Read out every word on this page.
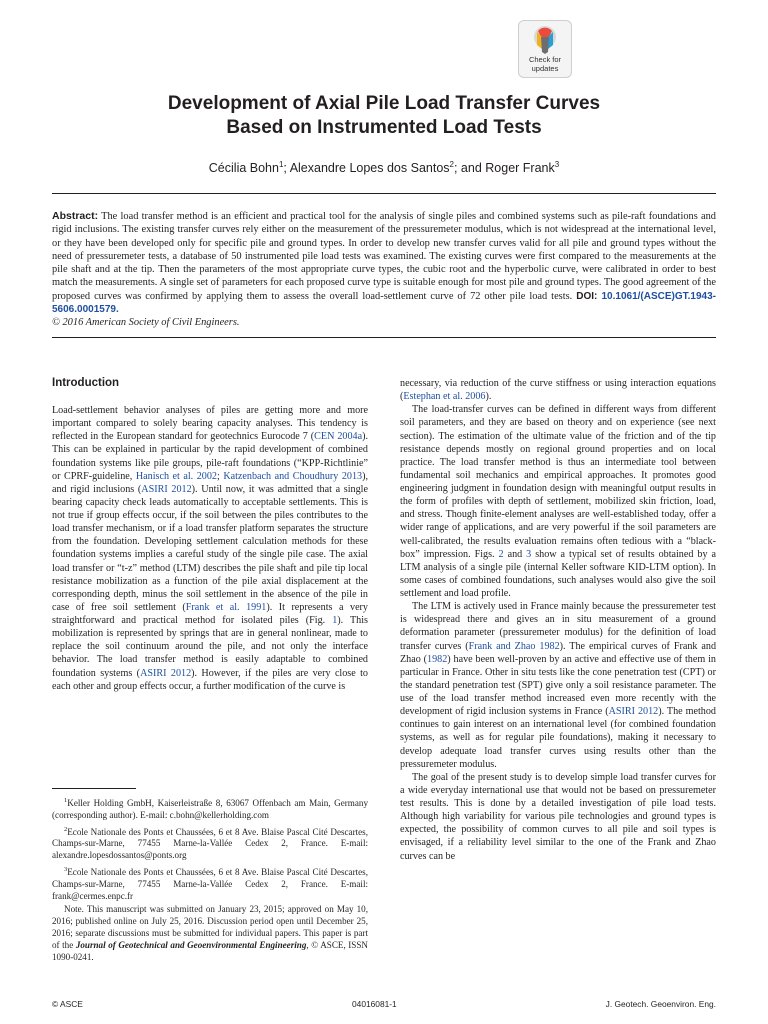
Check for
updates
Development of Axial Pile Load Transfer Curves
Based on Instrumented Load Tests
Cécilia Bohn$^1$; Alexandre Lopes dos Santos$^2$; and Roger Frank$^3$
Abstract: The load transfer method is an efficient and practical tool for the analysis of single piles and combined systems such as pile-raft foundations and rigid inclusions. The existing transfer curves rely either on the measurement of the pressuremeter modulus, which is not widespread at the international level, or they have been developed only for specific pile and ground types. In order to develop new transfer curves valid for all pile and ground types without the need of pressuremeter tests, a database of 50 instrumented pile load tests was examined. The existing curves were first compared to the measurements at the pile shaft and at the tip. Then the parameters of the most appropriate curve types, the cubic root and the hyperbolic curve, were calibrated in order to best match the measurements. A single set of parameters for each proposed curve type is suitable enough for most pile and ground types. The good agreement of the proposed curves was confirmed by applying them to assess the overall load-settlement curve of 72 other pile load tests. DOI: 10.1061/(ASCE)GT.1943-5606.0001579.
© 2016 American Society of Civil Engineers.
Introduction

Load-settlement behavior analyses of piles are getting more and more important compared to solely bearing capacity analyses. This tendency is reflected in the European standard for geotechnics Eurocode 7 (CEN 2004a). This can be explained in particular by the rapid development of combined foundation systems like pile groups, pile-raft foundations (“KPP-Richtlinie” or CPRF-guideline, Hanisch et al. 2002; Katzenbach and Choudhury 2013), and rigid inclusions (ASIRI 2012). Until now, it was admitted that a single bearing capacity check leads automatically to acceptable settlements. This is not true if group effects occur, if the soil between the piles contributes to the load transfer mechanism, or if a load transfer platform separates the structure from the foundation. Developing settlement calculation methods for these foundation systems implies a careful study of the single pile case. The axial load transfer or “t-z” method (LTM) describes the pile shaft and pile tip local resistance mobilization as a function of the pile axial displacement at the corresponding depth, minus the soil settlement in the absence of the pile in case of free soil settlement (Frank et al. 1991). It represents a very straightforward and practical method for isolated piles (Fig. 1). This mobilization is represented by springs that are in general nonlinear, made to replace the soil continuum around the pile, and not only the interface behavior. The load transfer method is easily adaptable to combined foundation systems (ASIRI 2012). However, if the piles are very close to each other and group effects occur, a further modification of the curve is

$^1$Keller Holding GmbH, Kaiserleistraße 8, 63067 Offenbach am Main, Germany (corresponding author). E-mail: c.bohn@kellerholding.com

$^2$Ecole Nationale des Ponts et Chaussées, 6 et 8 Ave. Blaise Pascal Cité Descartes, Champs-sur-Marne, 77455 Marne-la-Vallée Cedex 2, France. E-mail: alexandre.lopesdossantos@ponts.org

$^3$Ecole Nationale des Ponts et Chaussées, 6 et 8 Ave. Blaise Pascal Cité Descartes, Champs-sur-Marne, 77455 Marne-la-Vallée Cedex 2, France. E-mail: frank@cermes.enpc.fr

Note. This manuscript was submitted on January 23, 2015; approved on May 10, 2016; published online on July 25, 2016. Discussion period open until December 25, 2016; separate discussions must be submitted for individual papers. This paper is part of the Journal of Geotechnical and Geoenvironmental Engineering, © ASCE, ISSN 1090-0241.

necessary, via reduction of the curve stiffness or using interaction equations (Estephan et al. 2006).

The load-transfer curves can be defined in different ways from different soil parameters, and they are based on theory and on experience (see next section). The estimation of the ultimate value of the friction and of the tip resistance depends mostly on regional ground properties and on local practice. The load transfer method is thus an intermediate tool between fundamental soil mechanics and empirical approaches. It promotes good engineering judgment in foundation design with meaningful output results in the form of profiles with depth of settlement, mobilized skin friction, load, and stress. Though finite-element analyses are well-established today, offer a wider range of applications, and are very powerful if the soil parameters are well-calibrated, the results evaluation remains often tedious with a “black-box” impression. Figs. 2 and 3 show a typical set of results obtained by a LTM analysis of a single pile (internal Keller software KID-LTM option). In some cases of combined foundations, such analyses would also give the soil settlement and load profile.

The LTM is actively used in France mainly because the pressuremeter test is widespread there and gives an in situ measurement of a ground deformation parameter (pressuremeter modulus) for the definition of load transfer curves (Frank and Zhao 1982). The empirical curves of Frank and Zhao (1982) have been well-proven by an active and effective use of them in particular in France. Other in situ tests like the cone penetration test (CPT) or the standard penetration test (SPT) give only a soil resistance parameter. The use of the load transfer method increased even more recently with the development of rigid inclusion systems in France (ASIRI 2012). The method continues to gain interest on an international level (for combined foundation systems, as well as for regular pile foundations), making it necessary to develop adequate load transfer curves using results other than the pressuremeter modulus.

The goal of the present study is to develop simple load transfer curves for a wide everyday international use that would not be based on pressuremeter test results. This is done by a detailed investigation of pile load tests. Although high variability for various pile technologies and ground types is expected, the possibility of common curves to all pile and soil types is envisaged, if a reliability level similar to the one of the Frank and Zhao curves can be

© ASCE	04016081-1	J. Geotech. Geoenviron. Eng.
